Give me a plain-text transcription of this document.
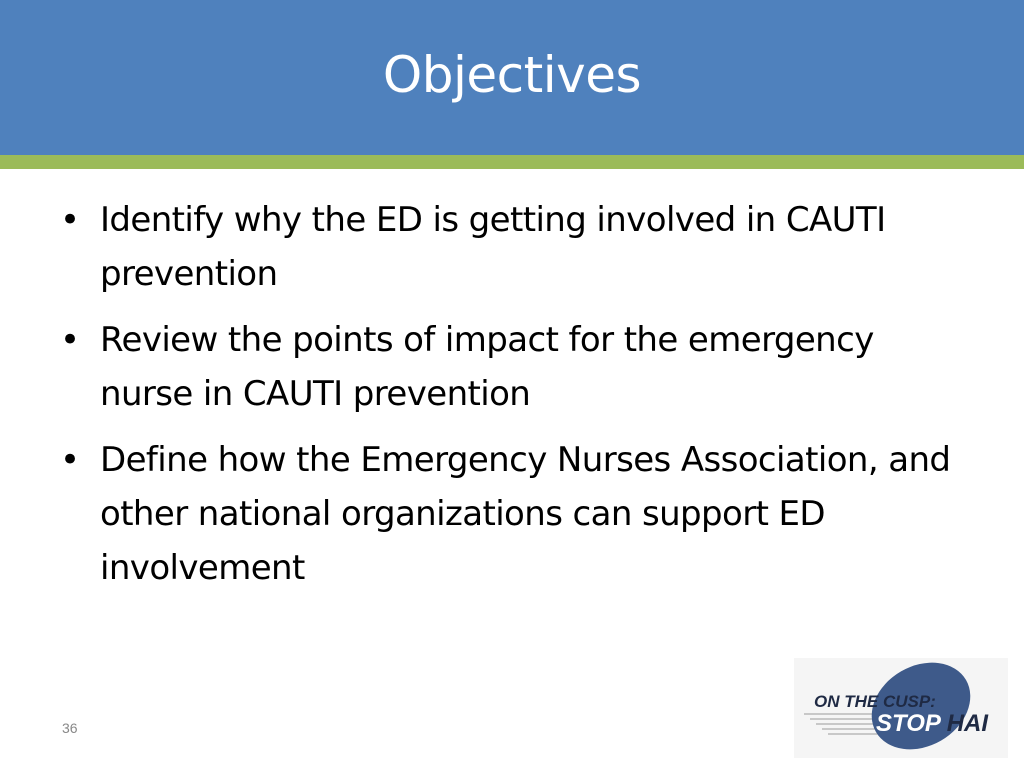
Objectives
• Identify why the ED is getting involved in CAUTI prevention
• Review the points of impact for the emergency nurse in CAUTI prevention
• Define how the Emergency Nurses Association, and other national organizations can support ED involvement
36
ON THE CUSP:
STOP HAI
